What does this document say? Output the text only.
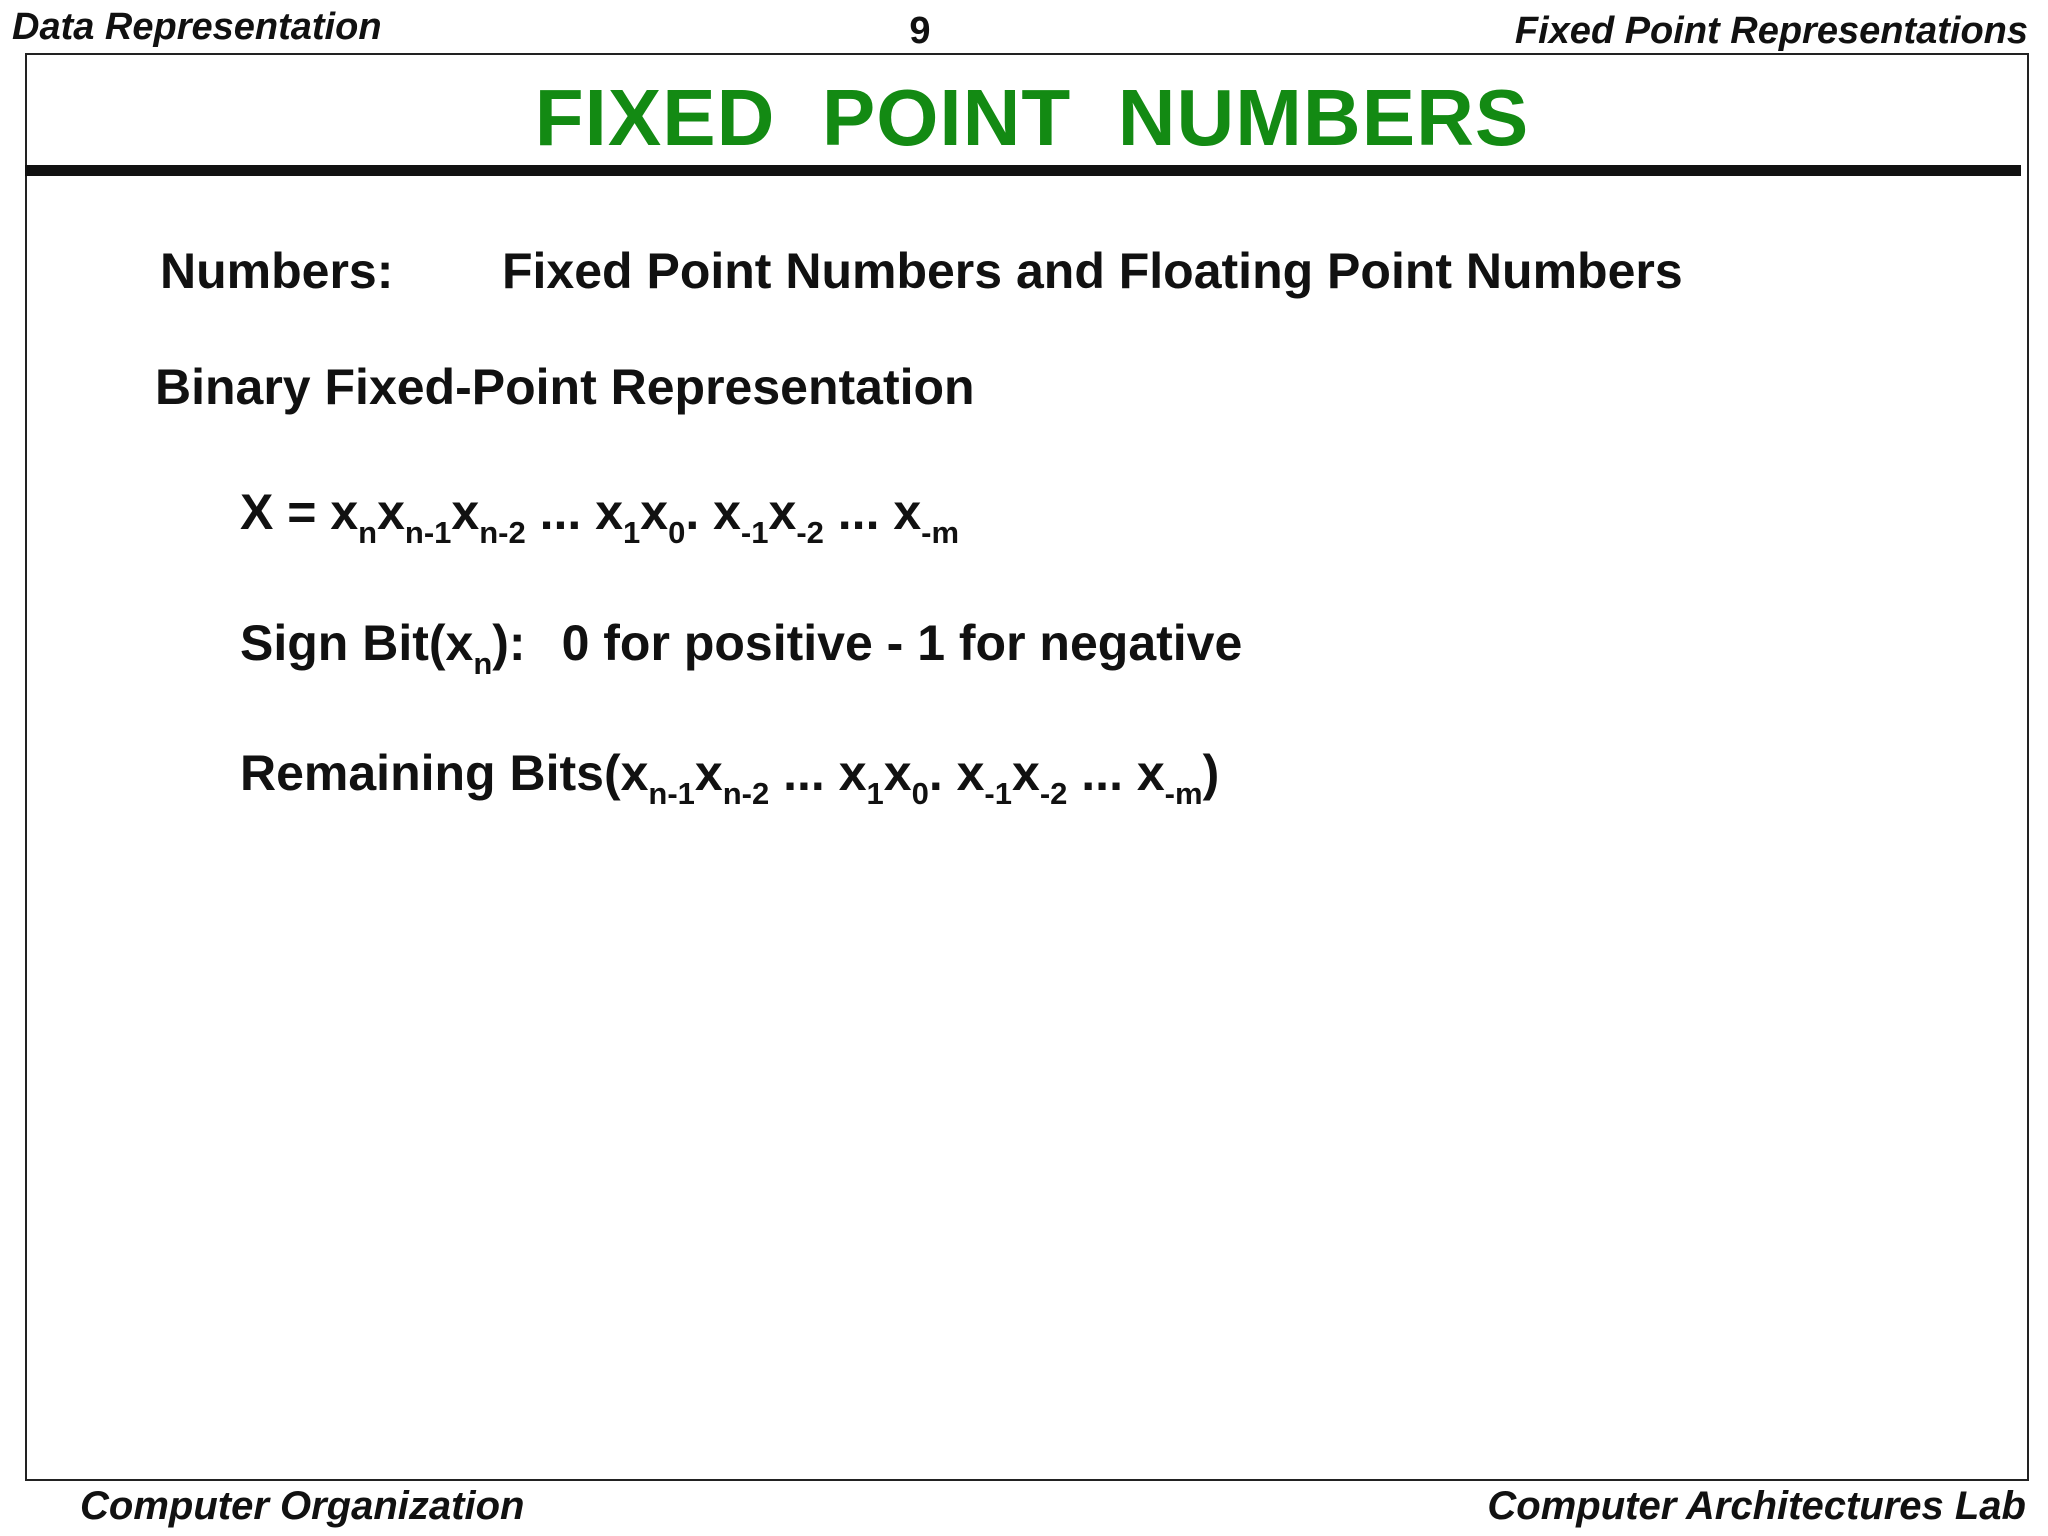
Data Representation	9	Fixed Point Representations
FIXED  POINT  NUMBERS
Numbers: Fixed Point Numbers and Floating Point Numbers
Binary Fixed-Point Representation
$X = x_nx_{n-1}x_{n-2}$ ... $x_1x_0$. $x_{-1}x_{-2}$ ... $x_{-m}$
Sign $Bit(x_n)$: 0 for positive - 1 for negative
Remaining $Bits(x_{n-1}x_{n-2}$ ... $x_1x_0$. $x_{-1}x_{-2}$ ... $x_{-m}$)
Computer Organization	Computer Architectures Lab
